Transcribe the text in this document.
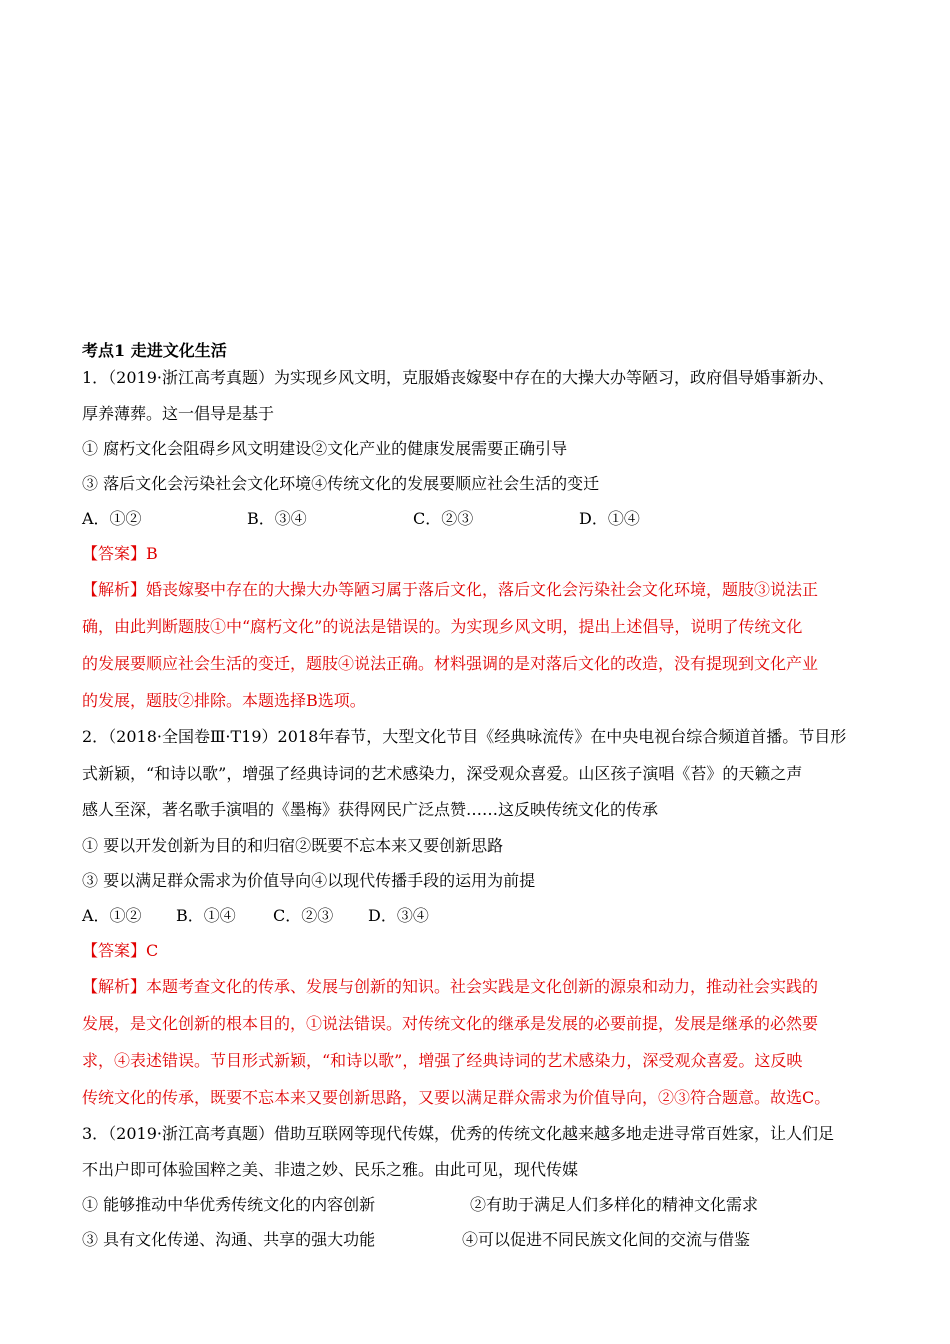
考点1 走进文化生活
1．（2019·浙江高考真题）为实现乡风文明，克服婚丧嫁娶中存在的大操大办等陋习，政府倡导婚事新办、
厚养薄葬。这一倡导是基于
① 腐朽文化会阻碍乡风文明建设②文化产业的健康发展需要正确引导
③ 落后文化会污染社会文化环境④传统文化的发展要顺应社会生活的变迁
A．①②	B．③④	C．②③	D．①④
【答案】B
【解析】婚丧嫁娶中存在的大操大办等陋习属于落后文化，落后文化会污染社会文化环境，题肢③说法正
确，由此判断题肢①中“腐朽文化”的说法是错误的。为实现乡风文明，提出上述倡导，说明了传统文化
的发展要顺应社会生活的变迁，题肢④说法正确。材料强调的是对落后文化的改造，没有提现到文化产业
的发展，题肢②排除。本题选择B选项。
2．（2018·全国卷Ⅲ·T19）2018年春节，大型文化节目《经典咏流传》在中央电视台综合频道首播。节目形
式新颖，“和诗以歌”，增强了经典诗词的艺术感染力，深受观众喜爱。山区孩子演唱《苔》的天籁之声
感人至深，著名歌手演唱的《墨梅》获得网民广泛点赞……这反映传统文化的传承
① 要以开发创新为目的和归宿②既要不忘本来又要创新思路
③ 要以满足群众需求为价值导向④以现代传播手段的运用为前提
A．①② B．①④ C．②③ D．③④
【答案】C
【解析】本题考查文化的传承、发展与创新的知识。社会实践是文化创新的源泉和动力，推动社会实践的
发展，是文化创新的根本目的，①说法错误。对传统文化的继承是发展的必要前提，发展是继承的必然要
求，④表述错误。节目形式新颖，“和诗以歌”，增强了经典诗词的艺术感染力，深受观众喜爱。这反映
传统文化的传承，既要不忘本来又要创新思路，又要以满足群众需求为价值导向，②③符合题意。故选C。
3．（2019·浙江高考真题）借助互联网等现代传媒，优秀的传统文化越来越多地走进寻常百姓家，让人们足
不出户即可体验国粹之美、非遗之妙、民乐之雅。由此可见，现代传媒
① 能够推动中华优秀传统文化的内容创新	②有助于满足人们多样化的精神文化需求
③ 具有文化传递、沟通、共享的强大功能	④可以促进不同民族文化间的交流与借鉴
